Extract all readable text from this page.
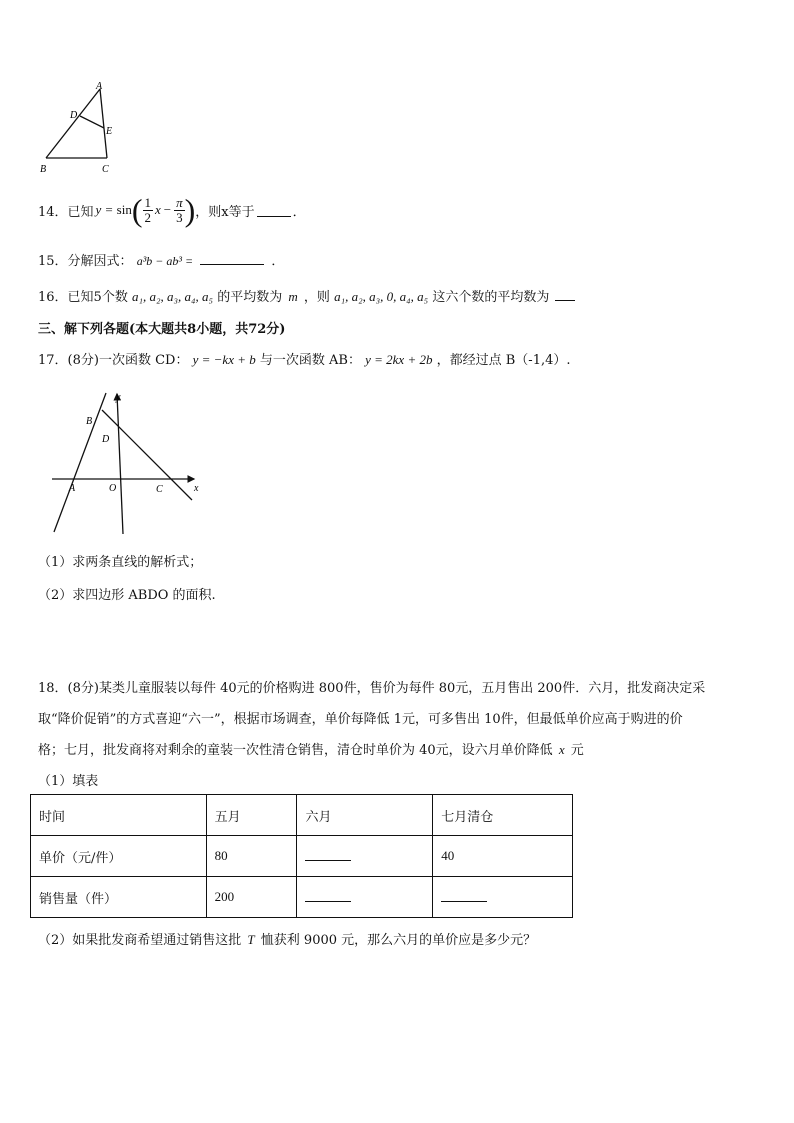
A
D
E
B	C
14．已知 y = sin ( $\frac{1}{2}$ $x - \frac{\pi}{3}$ ) ，则x等于	．
15．分解因式： a³b − ab³ =	．
16．已知5个数 a₁, a₂, a₃, a₄, a₅ 的平均数为 m ，则 a₁, a₂, a₃, 0, a₄, a₅ 这六个数的平均数为
三、解下列各题(本大题共8小题，共72分)
17．(8分)一次函数 CD： y = −kx + b 与一次函数 AB： y = 2kx + 2b ，都经过点 B（-1,4）.
y
B
D
A	O	C	x
（1）求两条直线的解析式；
（2）求四边形 ABDO 的面积.
18．(8分)某类儿童服装以每件 40元的价格购进 800件，售价为每件 80元，五月售出 200件．六月，批发商决定采
取“降价促销”的方式喜迎“六一”，根据市场调查，单价每降低 1元，可多售出 10件，但最低单价应高于购进的价
格；七月，批发商将对剩余的童装一次性清仓销售，清仓时单价为 40元，设六月单价降低 x 元
（1）填表
时间	五月	六月	七月清仓
单价（元/件）	80		40
销售量（件）	200		
（2）如果批发商希望通过销售这批 T 恤获利 9000 元，那么六月的单价应是多少元？
